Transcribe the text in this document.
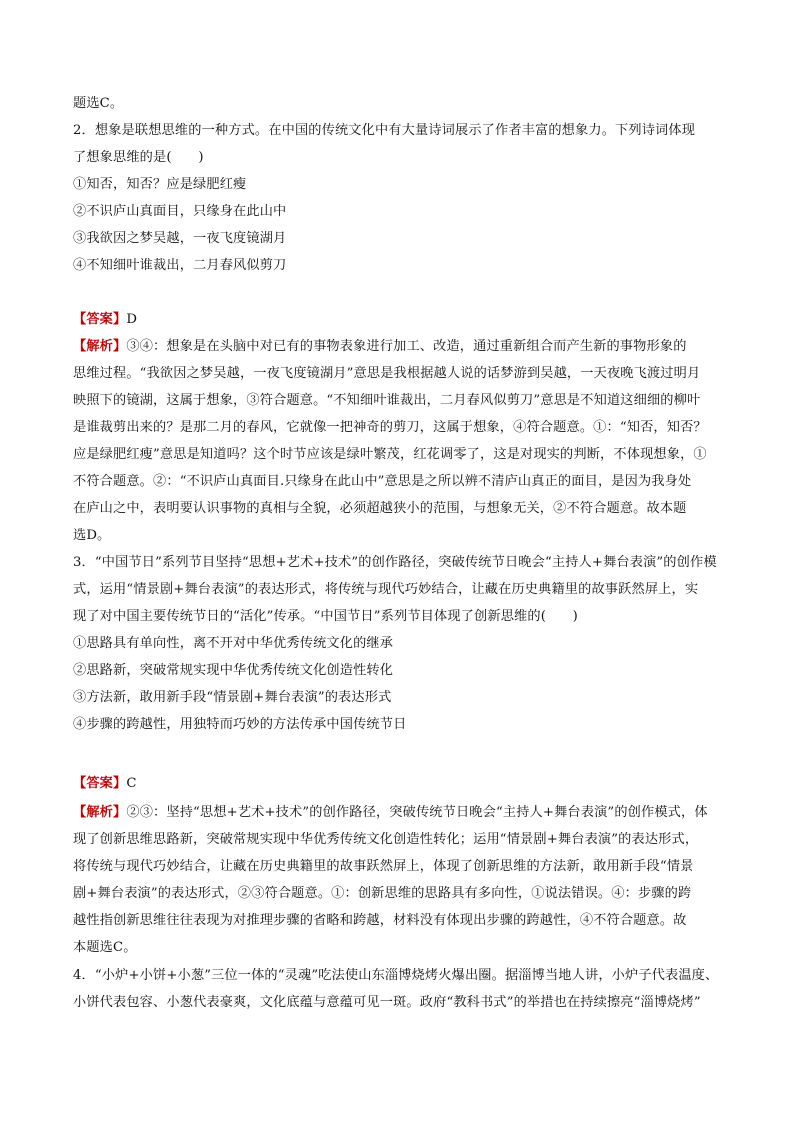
题选C。
2．想象是联想思维的一种方式。在中国的传统文化中有大量诗词展示了作者丰富的想象力。下列诗词体现
了想象思维的是(　　)
①知否，知否？应是绿肥红瘦
②不识庐山真面目，只缘身在此山中
③我欲因之梦吴越，一夜飞度镜湖月
④不知细叶谁裁出，二月春风似剪刀
【答案】D
【解析】③④：想象是在头脑中对已有的事物表象进行加工、改造，通过重新组合而产生新的事物形象的
思维过程。“我欲因之梦吴越，一夜飞度镜湖月”意思是我根据越人说的话梦游到吴越，一天夜晚飞渡过明月
映照下的镜湖，这属于想象，③符合题意。“不知细叶谁裁出，二月春风似剪刀”意思是不知道这细细的柳叶
是谁裁剪出来的？是那二月的春风，它就像一把神奇的剪刀，这属于想象，④符合题意。①：“知否，知否？
应是绿肥红瘦”意思是知道吗？这个时节应该是绿叶繁茂，红花调零了，这是对现实的判断，不体现想象，①
不符合题意。②：“不识庐山真面目.只缘身在此山中”意思是之所以辨不清庐山真正的面目，是因为我身处
在庐山之中，表明要认识事物的真相与全貌，必须超越狭小的范围，与想象无关，②不符合题意。故本题
选D。
3．“中国节日”系列节目坚持“思想+艺术+技术”的创作路径，突破传统节日晚会“主持人+舞台表演”的创作模
式，运用“情景剧+舞台表演”的表达形式，将传统与现代巧妙结合，让藏在历史典籍里的故事跃然屏上，实
现了对中国主要传统节日的“活化”传承。“中国节日”系列节目体现了创新思维的(　　)
①思路具有单向性，离不开对中华优秀传统文化的继承
②思路新，突破常规实现中华优秀传统文化创造性转化
③方法新，敢用新手段“情景剧+舞台表演”的表达形式
④步骤的跨越性，用独特而巧妙的方法传承中国传统节日
【答案】C
【解析】②③：坚持“思想+艺术+技术”的创作路径，突破传统节日晚会“主持人+舞台表演”的创作模式，体
现了创新思维思路新，突破常规实现中华优秀传统文化创造性转化；运用“情景剧+舞台表演”的表达形式，
将传统与现代巧妙结合，让藏在历史典籍里的故事跃然屏上，体现了创新思维的方法新，敢用新手段“情景
剧+舞台表演”的表达形式，②③符合题意。①：创新思维的思路具有多向性，①说法错误。④：步骤的跨
越性指创新思维往往表现为对推理步骤的省略和跨越，材料没有体现出步骤的跨越性，④不符合题意。故
本题选C。
4．“小炉+小饼+小葱”三位一体的“灵魂”吃法使山东淄博烧烤火爆出圈。据淄博当地人讲，小炉子代表温度、
小饼代表包容、小葱代表豪爽，文化底蕴与意蕴可见一斑。政府“教科书式”的举措也在持续擦亮“淄博烧烤”
